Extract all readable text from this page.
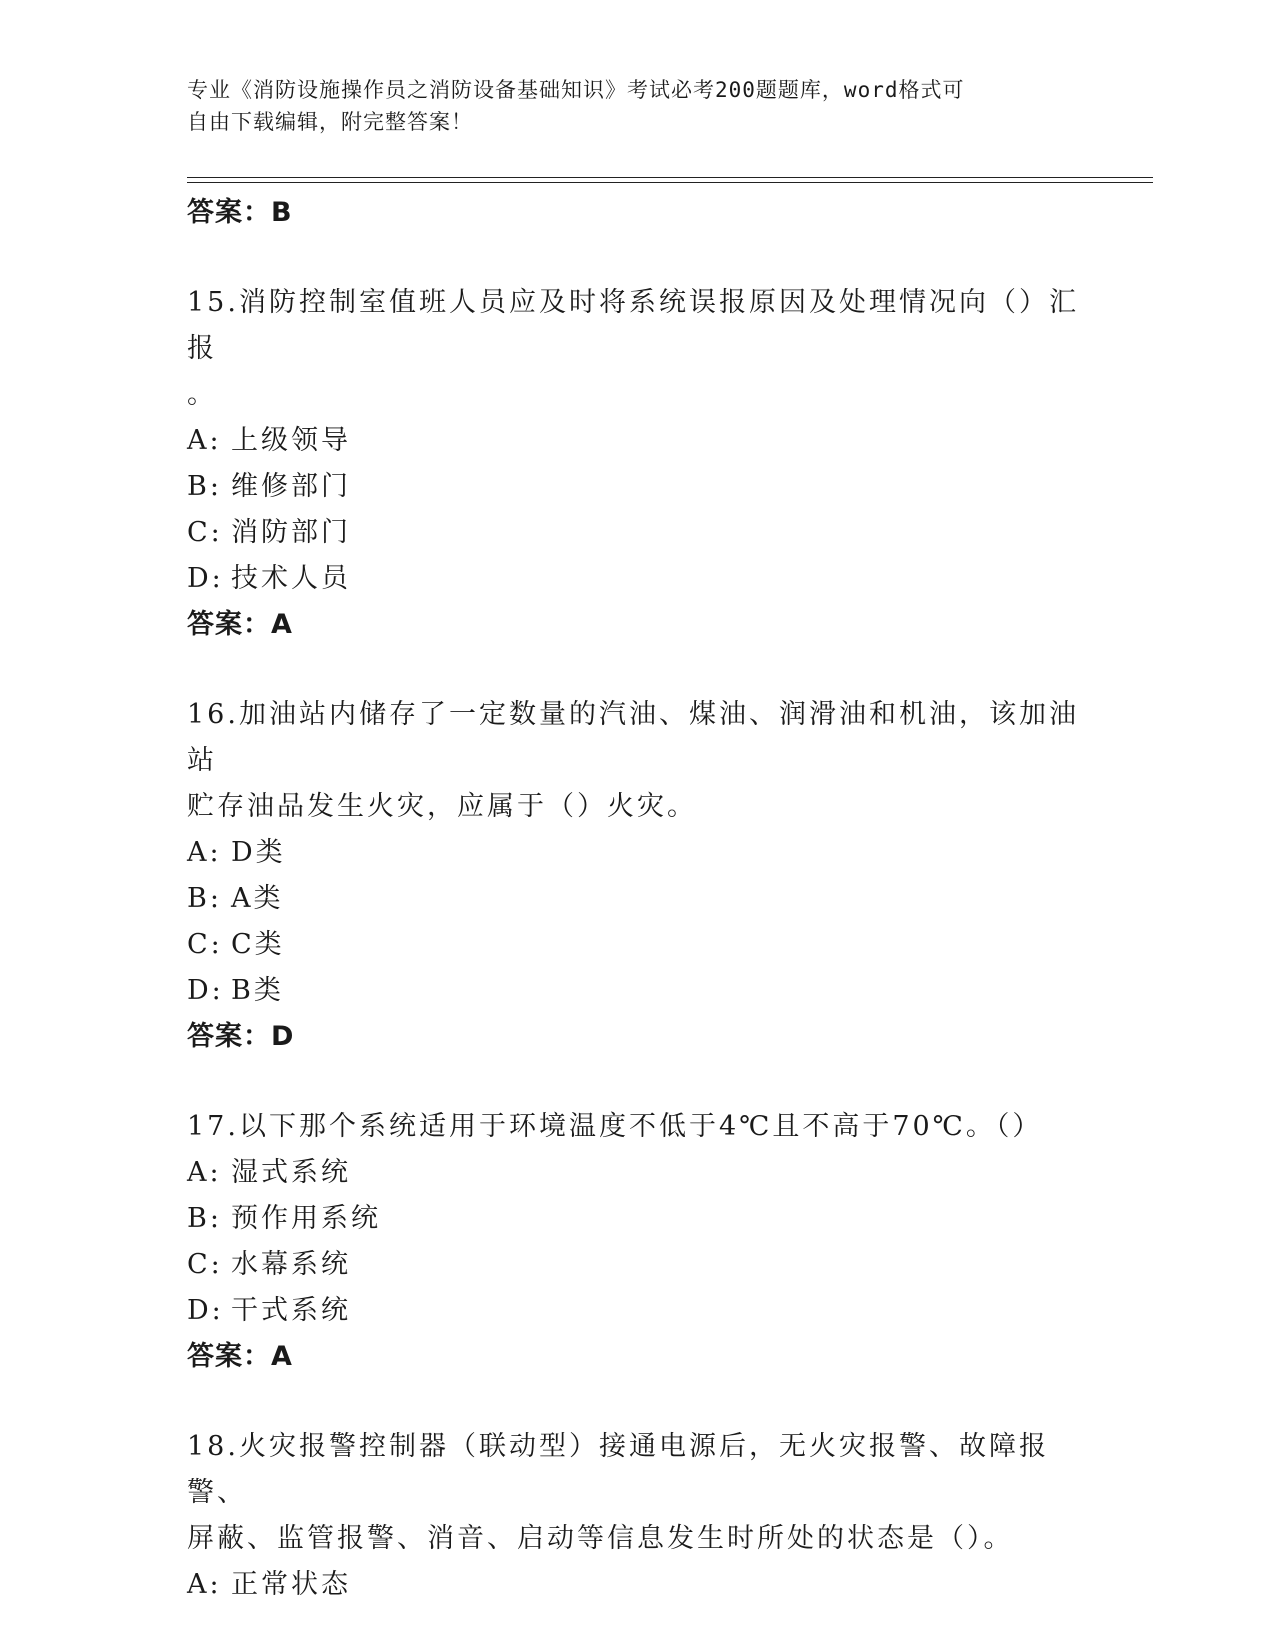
专业《消防设施操作员之消防设备基础知识》考试必考200题题库，word格式可
自由下载编辑，附完整答案！
答案：B
15.消防控制室值班人员应及时将系统误报原因及处理情况向（）汇报
。
A: 上级领导
B: 维修部门
C: 消防部门
D: 技术人员
答案：A
16.加油站内储存了一定数量的汽油、煤油、润滑油和机油，该加油站
贮存油品发生火灾，应属于（）火灾。
A: D类
B: A类
C: C类
D: B类
答案：D
17.以下那个系统适用于环境温度不低于4℃且不高于70℃。（）
A: 湿式系统
B: 预作用系统
C: 水幕系统
D: 干式系统
答案：A
18.火灾报警控制器（联动型）接通电源后，无火灾报警、故障报警、
屏蔽、监管报警、消音、启动等信息发生时所处的状态是（）。
A: 正常状态
